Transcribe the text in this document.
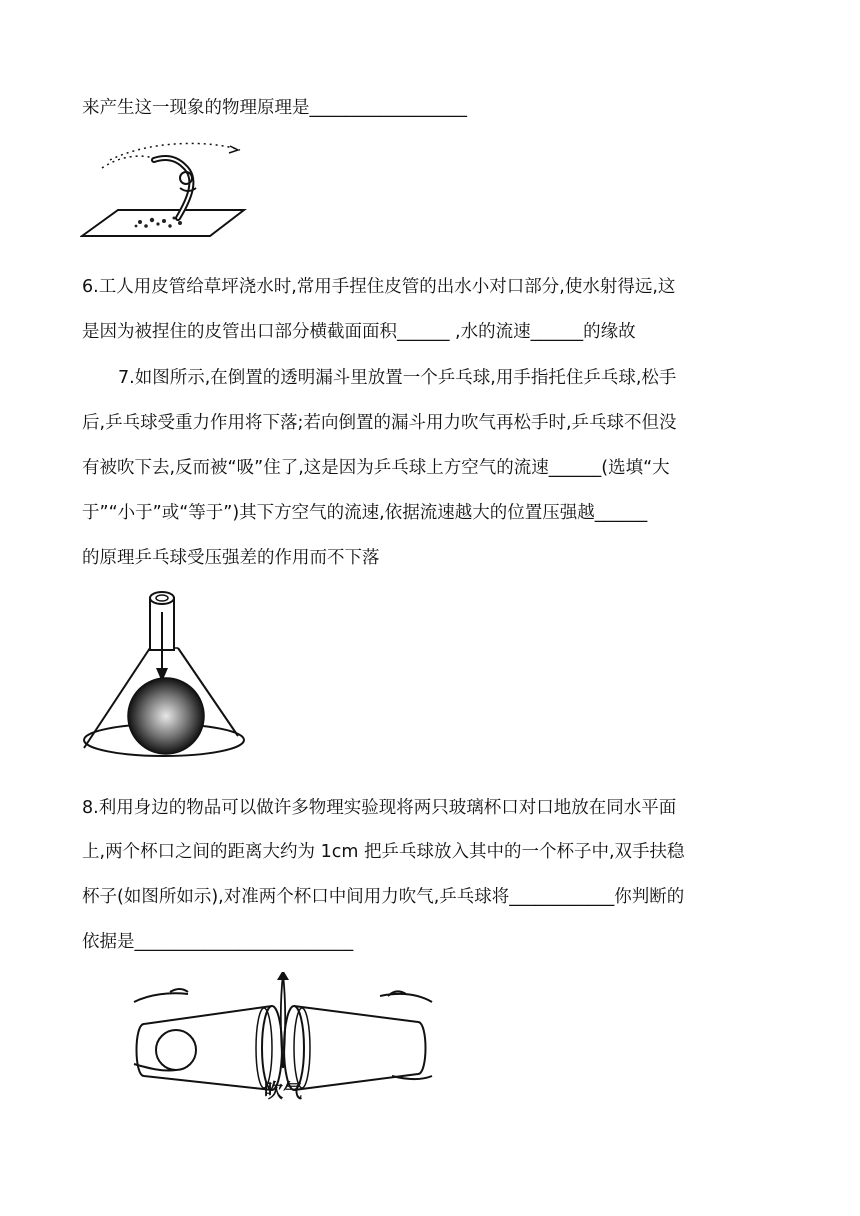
来产生这一现象的物理原理是__________________
6.工人用皮管给草坪浇水时,常用手捏住皮管的出水小对口部分,使水射得远,这
是因为被捏住的皮管出口部分横截面面积______ ,水的流速______的缘故
7.如图所示,在倒置的透明漏斗里放置一个乒乓球,用手指托住乒乓球,松手
后,乒乓球受重力作用将下落;若向倒置的漏斗用力吹气再松手时,乒乓球不但没
有被吹下去,反而被“吸”住了,这是因为乒乓球上方空气的流速______(选填“大
于”“小于”或“等于”)其下方空气的流速,依据流速越大的位置压强越______
的原理乒乓球受压强差的作用而不下落
8.利用身边的物品可以做许多物理实验现将两只玻璃杯口对口地放在同水平面
上,两个杯口之间的距离大约为 1cm 把乒乓球放入其中的一个杯子中,双手扶稳
杯子(如图所如示),对准两个杯口中间用力吹气,乒乓球将____________你判断的
依据是_________________________
吹气
